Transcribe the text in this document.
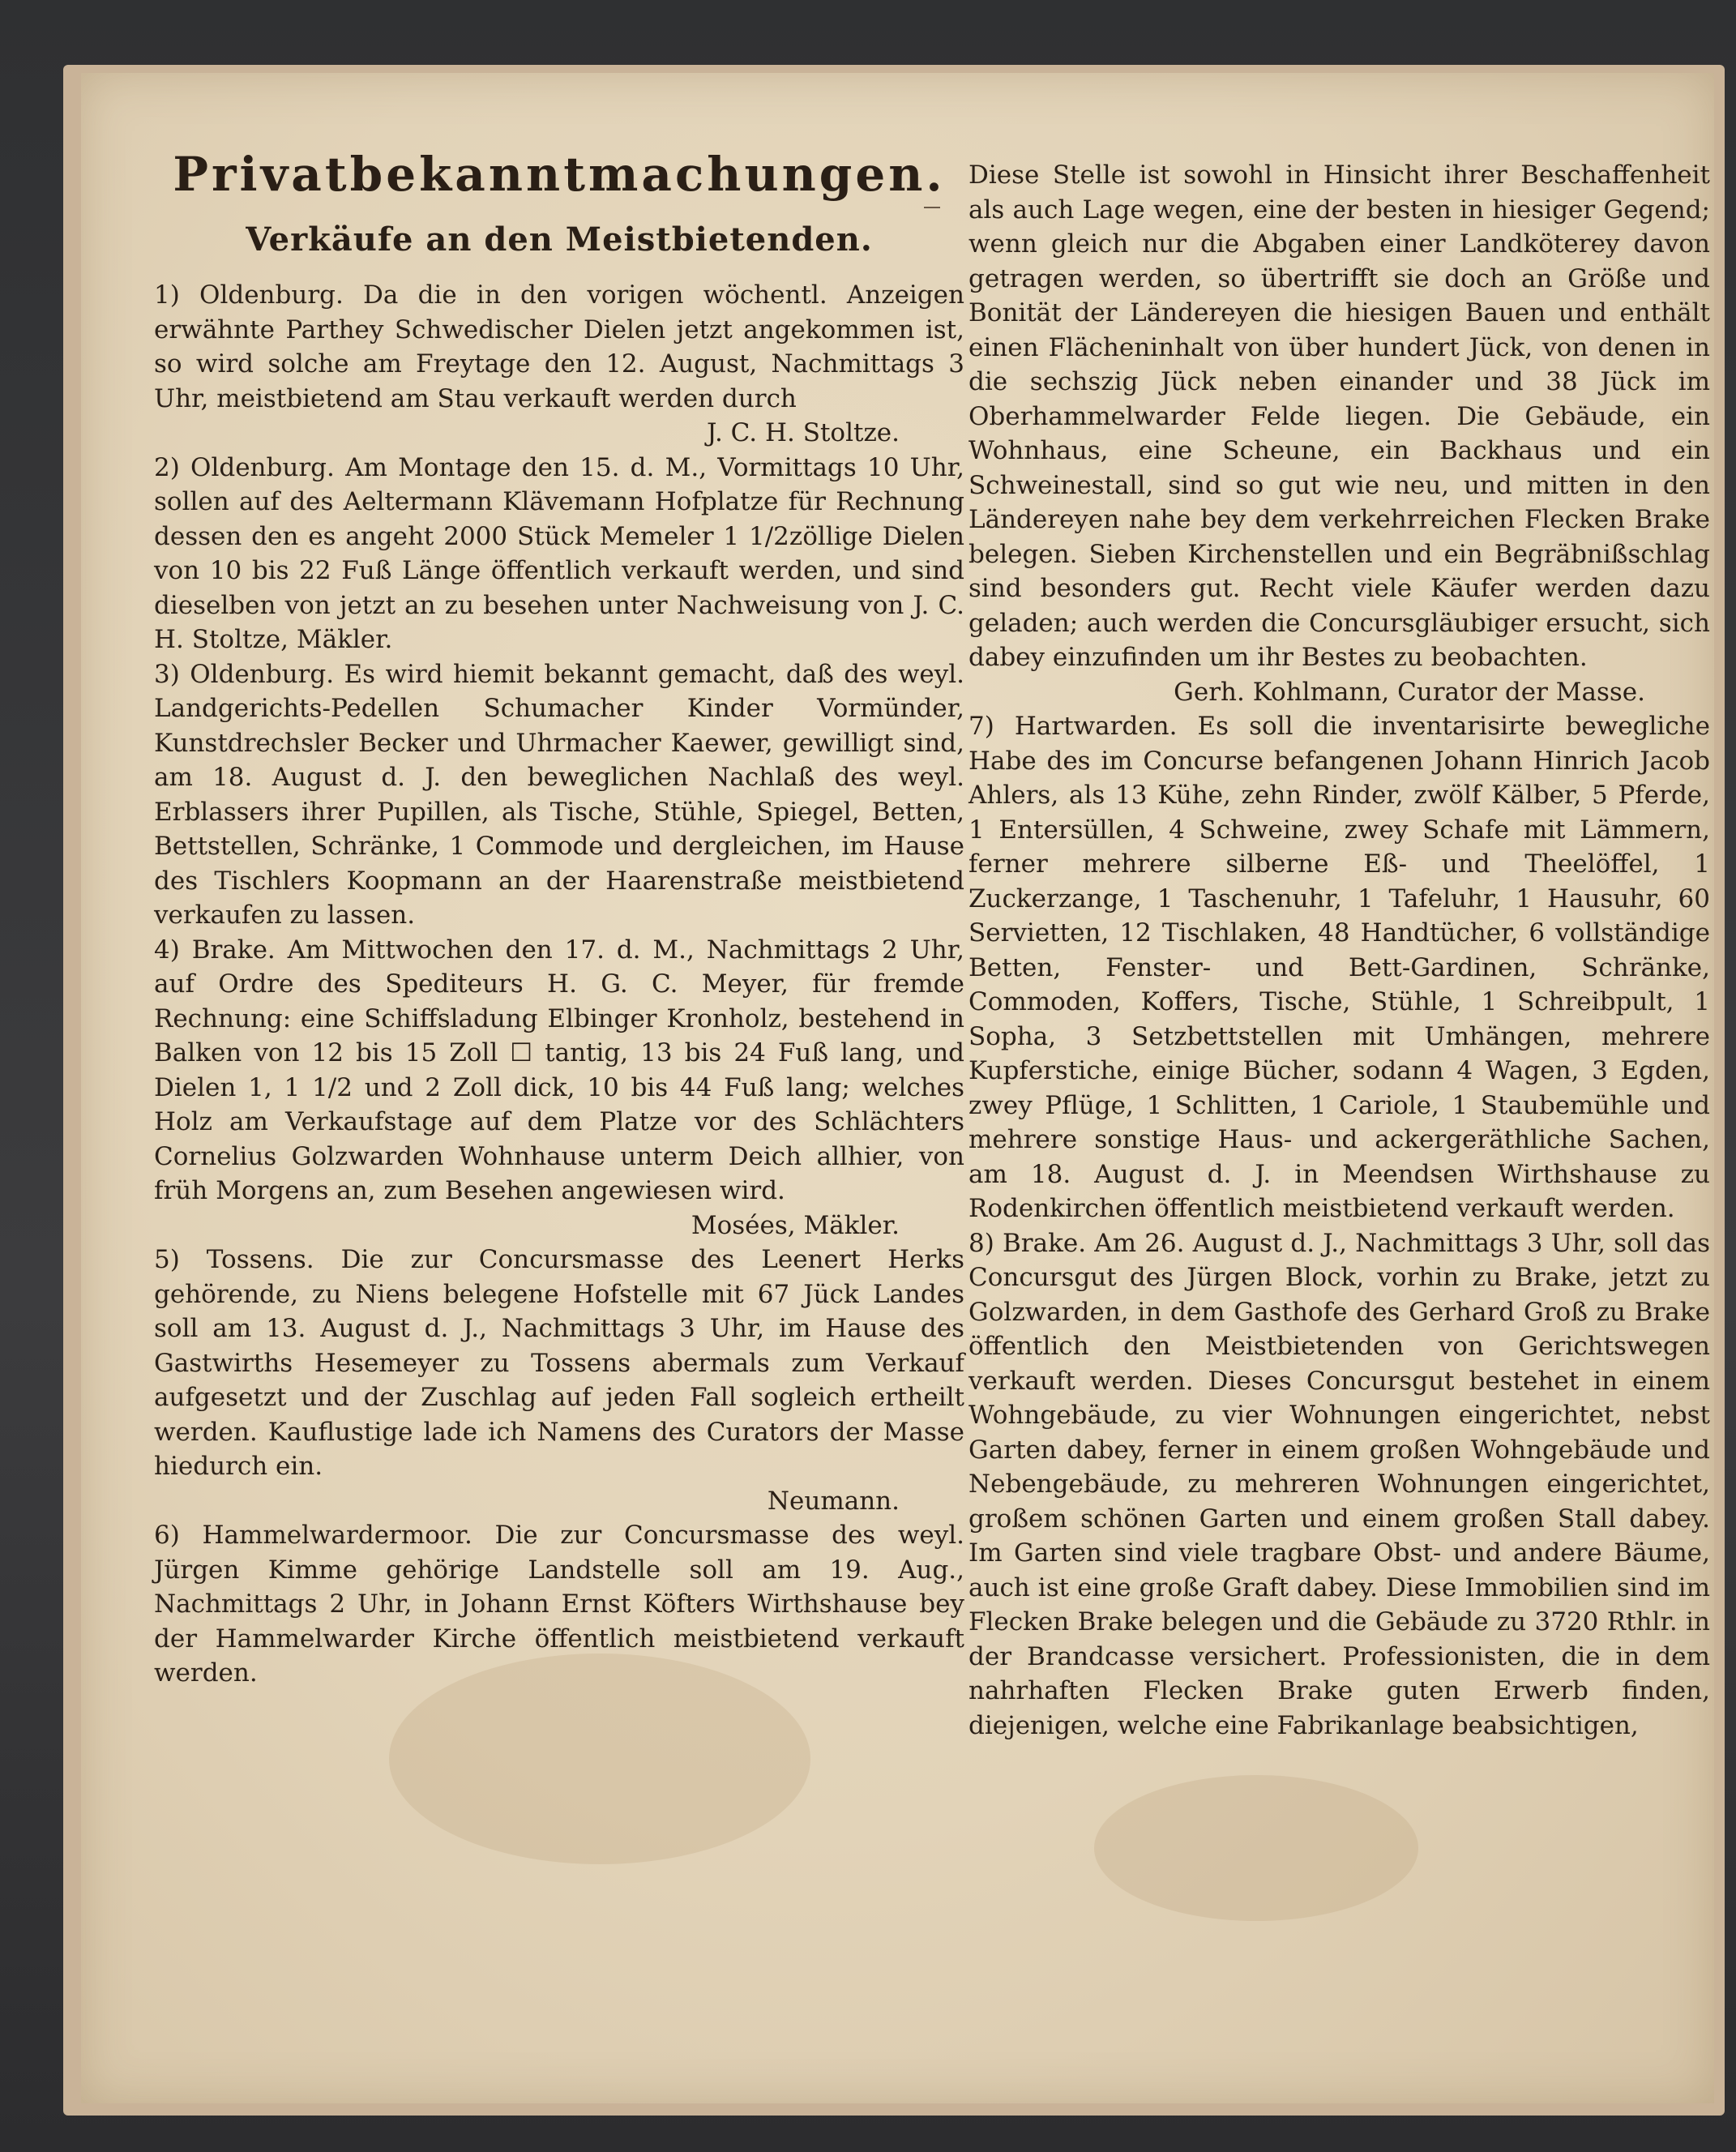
Privatbekanntmachungen.
Verkäufe an den Meistbietenden.

1) Oldenburg. Da die in den vorigen wöchentl. Anzeigen erwähnte Parthey Schwedischer Dielen jetzt angekommen ist, so wird solche am Freytage den 12. August, Nachmittags 3 Uhr, meistbietend am Stau verkauft werden durch

J. C. H. Stoltze.

2) Oldenburg. Am Montage den 15. d. M., Vormittags 10 Uhr, sollen auf des Aeltermann Klävemann Hofplatze für Rechnung dessen den es angeht 2000 Stück Memeler 1 1/2zöllige Dielen von 10 bis 22 Fuß Länge öffentlich verkauft werden, und sind dieselben von jetzt an zu besehen unter Nachweisung von J. C. H. Stoltze, Mäkler.

3) Oldenburg. Es wird hiemit bekannt gemacht, daß des weyl. Landgerichts-Pedellen Schumacher Kinder Vormünder, Kunstdrechsler Becker und Uhrmacher Kaewer, gewilligt sind, am 18. August d. J. den beweglichen Nachlaß des weyl. Erblassers ihrer Pupillen, als Tische, Stühle, Spiegel, Betten, Bettstellen, Schränke, 1 Commode und dergleichen, im Hause des Tischlers Koopmann an der Haarenstraße meistbietend verkaufen zu lassen.

4) Brake. Am Mittwochen den 17. d. M., Nachmittags 2 Uhr, auf Ordre des Spediteurs H. G. C. Meyer, für fremde Rechnung: eine Schiffsladung Elbinger Kronholz, bestehend in Balken von 12 bis 15 Zoll ☐ tantig, 13 bis 24 Fuß lang, und Dielen 1, 1 1/2 und 2 Zoll dick, 10 bis 44 Fuß lang; welches Holz am Verkaufstage auf dem Platze vor des Schlächters Cornelius Golzwarden Wohnhause unterm Deich allhier, von früh Morgens an, zum Besehen angewiesen wird.

Mosées, Mäkler.

5) Tossens. Die zur Concursmasse des Leenert Herks gehörende, zu Niens belegene Hofstelle mit 67 Jück Landes soll am 13. August d. J., Nachmittags 3 Uhr, im Hause des Gastwirths Hesemeyer zu Tossens abermals zum Verkauf aufgesetzt und der Zuschlag auf jeden Fall sogleich ertheilt werden. Kauflustige lade ich Namens des Curators der Masse hiedurch ein.

Neumann.

6) Hammelwardermoor. Die zur Concursmasse des weyl. Jürgen Kimme gehörige Landstelle soll am 19. Aug., Nachmittags 2 Uhr, in Johann Ernst Köfters Wirthshause bey der Hammelwarder Kirche öffentlich meistbietend verkauft werden.

Diese Stelle ist sowohl in Hinsicht ihrer Beschaffenheit als auch Lage wegen, eine der besten in hiesiger Gegend; wenn gleich nur die Abgaben einer Landköterey davon getragen werden, so übertrifft sie doch an Größe und Bonität der Ländereyen die hiesigen Bauen und enthält einen Flächeninhalt von über hundert Jück, von denen in die sechszig Jück neben einander und 38 Jück im Oberhammelwarder Felde liegen. Die Gebäude, ein Wohnhaus, eine Scheune, ein Backhaus und ein Schweinestall, sind so gut wie neu, und mitten in den Ländereyen nahe bey dem verkehrreichen Flecken Brake belegen. Sieben Kirchenstellen und ein Begräbnißschlag sind besonders gut. Recht viele Käufer werden dazu geladen; auch werden die Concursgläubiger ersucht, sich dabey einzufinden um ihr Bestes zu beobachten.

Gerh. Kohlmann, Curator der Masse.

7) Hartwarden. Es soll die inventarisirte bewegliche Habe des im Concurse befangenen Johann Hinrich Jacob Ahlers, als 13 Kühe, zehn Rinder, zwölf Kälber, 5 Pferde, 1 Entersüllen, 4 Schweine, zwey Schafe mit Lämmern, ferner mehrere silberne Eß- und Theelöffel, 1 Zuckerzange, 1 Taschenuhr, 1 Tafeluhr, 1 Hausuhr, 60 Servietten, 12 Tischlaken, 48 Handtücher, 6 vollständige Betten, Fenster- und Bett-Gardinen, Schränke, Commoden, Koffers, Tische, Stühle, 1 Schreibpult, 1 Sopha, 3 Setzbettstellen mit Umhängen, mehrere Kupferstiche, einige Bücher, sodann 4 Wagen, 3 Egden, zwey Pflüge, 1 Schlitten, 1 Cariole, 1 Staubemühle und mehrere sonstige Haus- und ackergeräthliche Sachen, am 18. August d. J. in Meendsen Wirthshause zu Rodenkirchen öffentlich meistbietend verkauft werden.

8) Brake. Am 26. August d. J., Nachmittags 3 Uhr, soll das Concursgut des Jürgen Block, vorhin zu Brake, jetzt zu Golzwarden, in dem Gasthofe des Gerhard Groß zu Brake öffentlich den Meistbietenden von Gerichtswegen verkauft werden. Dieses Concursgut bestehet in einem Wohngebäude, zu vier Wohnungen eingerichtet, nebst Garten dabey, ferner in einem großen Wohngebäude und Nebengebäude, zu mehreren Wohnungen eingerichtet, großem schönen Garten und einem großen Stall dabey. Im Garten sind viele tragbare Obst- und andere Bäume, auch ist eine große Graft dabey. Diese Immobilien sind im Flecken Brake belegen und die Gebäude zu 3720 Rthlr. in der Brandcasse versichert. Professionisten, die in dem nahrhaften Flecken Brake guten Erwerb finden, diejenigen, welche eine Fabrikanlage beabsichtigen,
